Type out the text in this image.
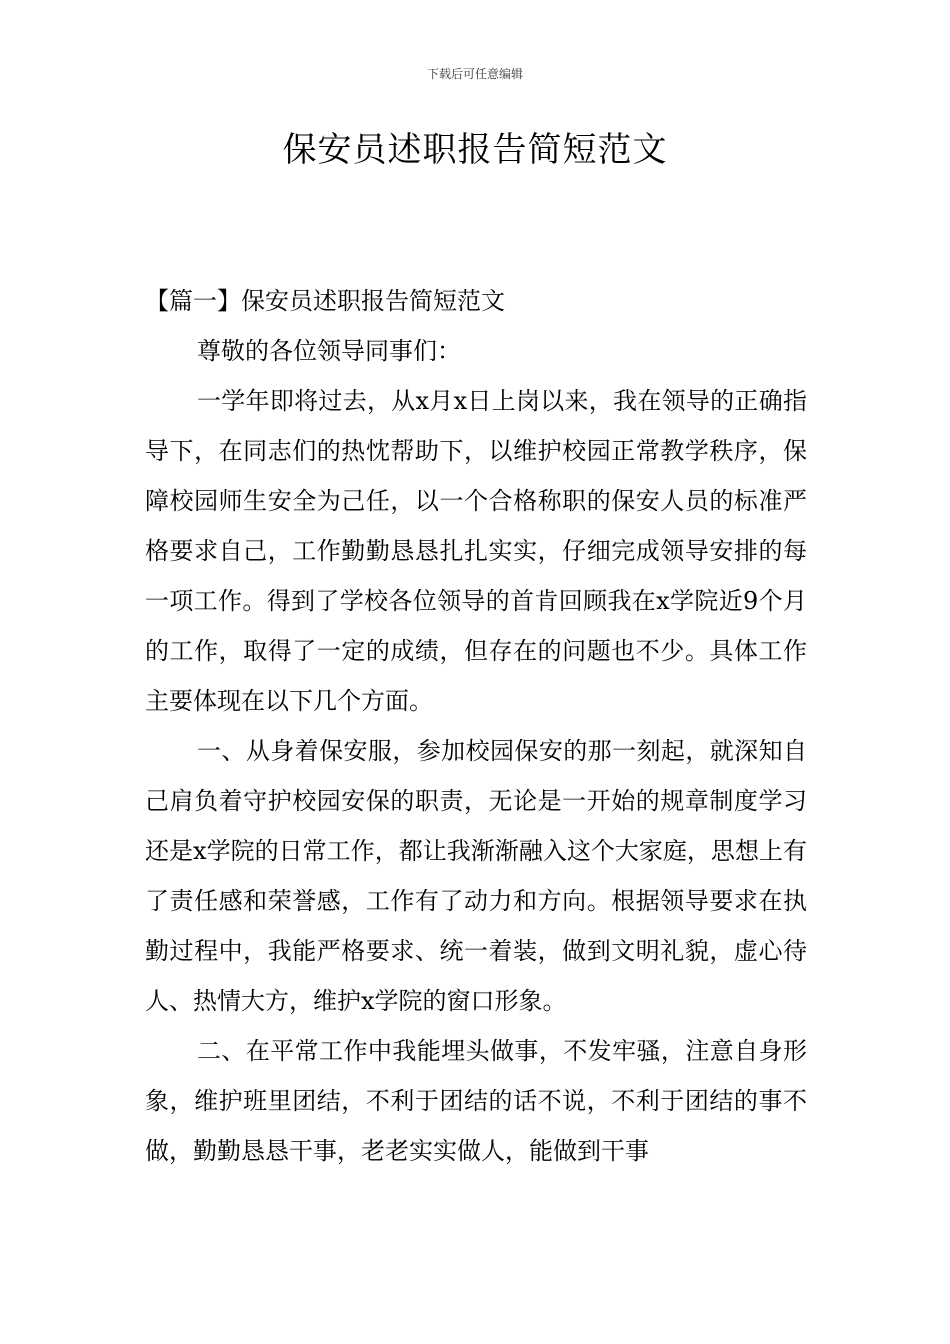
下载后可任意编辑
保安员述职报告简短范文

【篇一】保安员述职报告简短范文

尊敬的各位领导同事们：

一学年即将过去，从x月x日上岗以来，我在领导的正确指导下，在同志们的热忱帮助下，以维护校园正常教学秩序，保障校园师生安全为己任，以一个合格称职的保安人员的标准严格要求自己，工作勤勤恳恳扎扎实实，仔细完成领导安排的每一项工作。得到了学校各位领导的首肯回顾我在x学院近9个月的工作，取得了一定的成绩，但存在的问题也不少。具体工作主要体现在以下几个方面。

一、从身着保安服，参加校园保安的那一刻起，就深知自己肩负着守护校园安保的职责，无论是一开始的规章制度学习还是x学院的日常工作，都让我渐渐融入这个大家庭，思想上有了责任感和荣誉感，工作有了动力和方向。根据领导要求在执勤过程中，我能严格要求、统一着装，做到文明礼貌，虚心待人、热情大方，维护x学院的窗口形象。

二、在平常工作中我能埋头做事，不发牢骚，注意自身形象，维护班里团结，不利于团结的话不说，不利于团结的事不做，勤勤恳恳干事，老老实实做人，能做到干事
